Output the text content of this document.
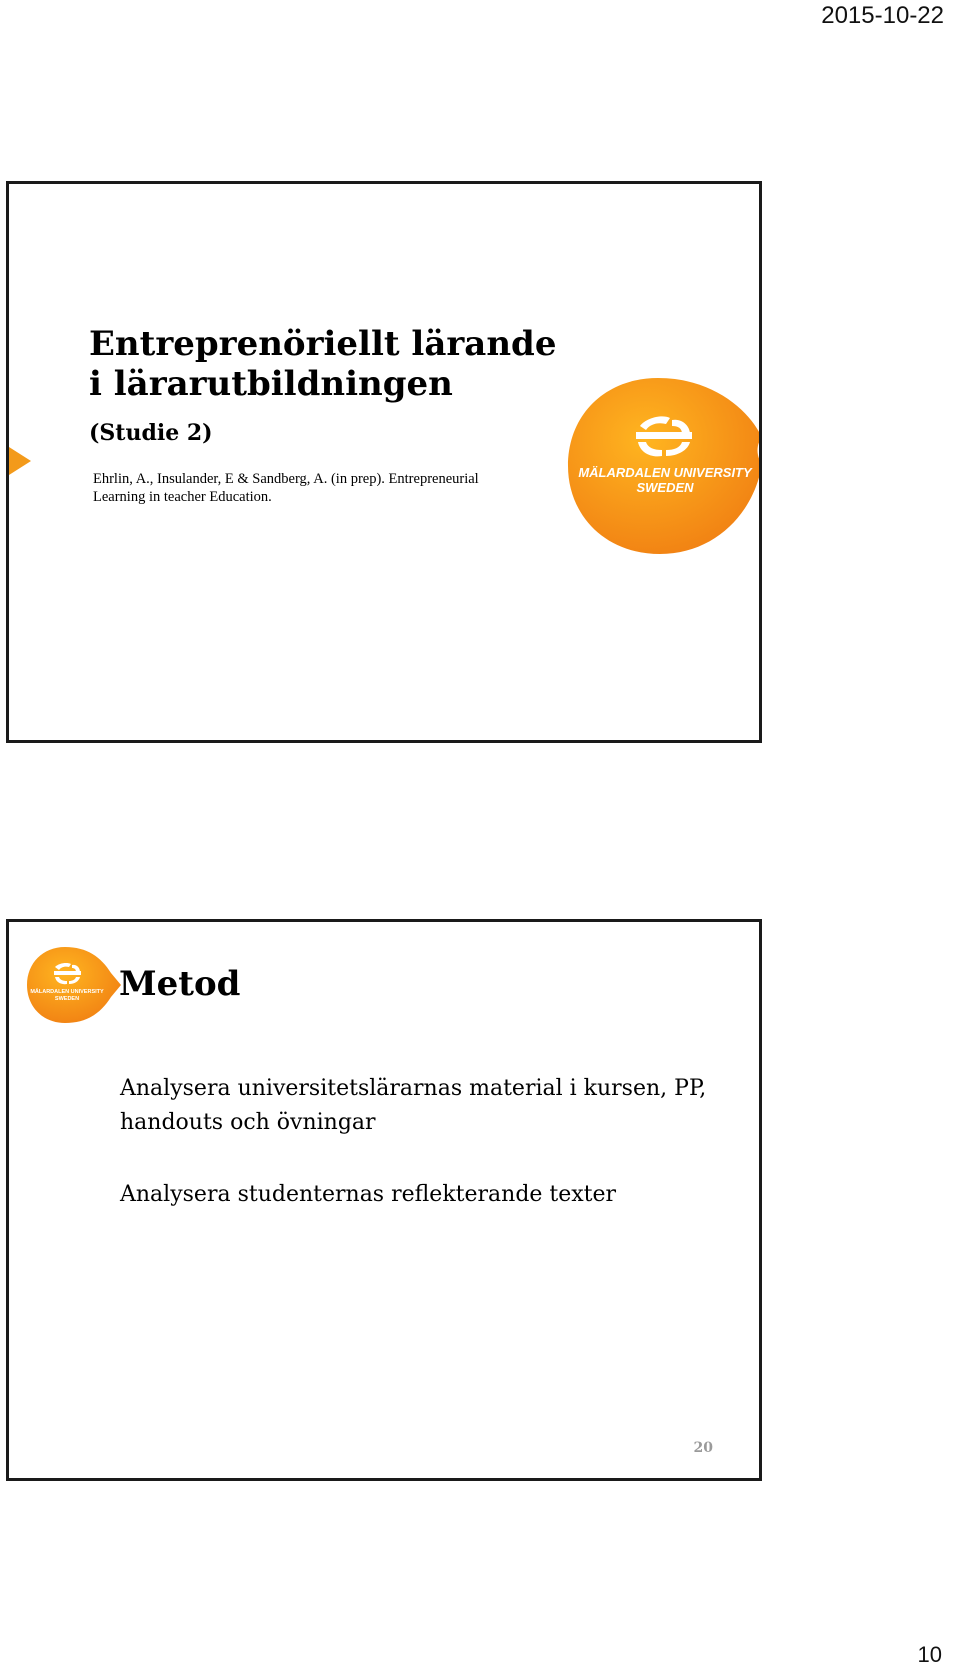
2015-10-22
Entreprenöriellt lärande i lärarutbildningen
(Studie 2)
Ehrlin, A., Insulander, E & Sandberg, A. (in prep). Entrepreneurial Learning in teacher Education.
MÄLARDALEN UNIVERSITY
SWEDEN
MÄLARDALEN UNIVERSITY
SWEDEN Metod

Analysera universitetslärarnas material i kursen, PP, handouts och övningar

Analysera studenternas reflekterande texter

20
10
